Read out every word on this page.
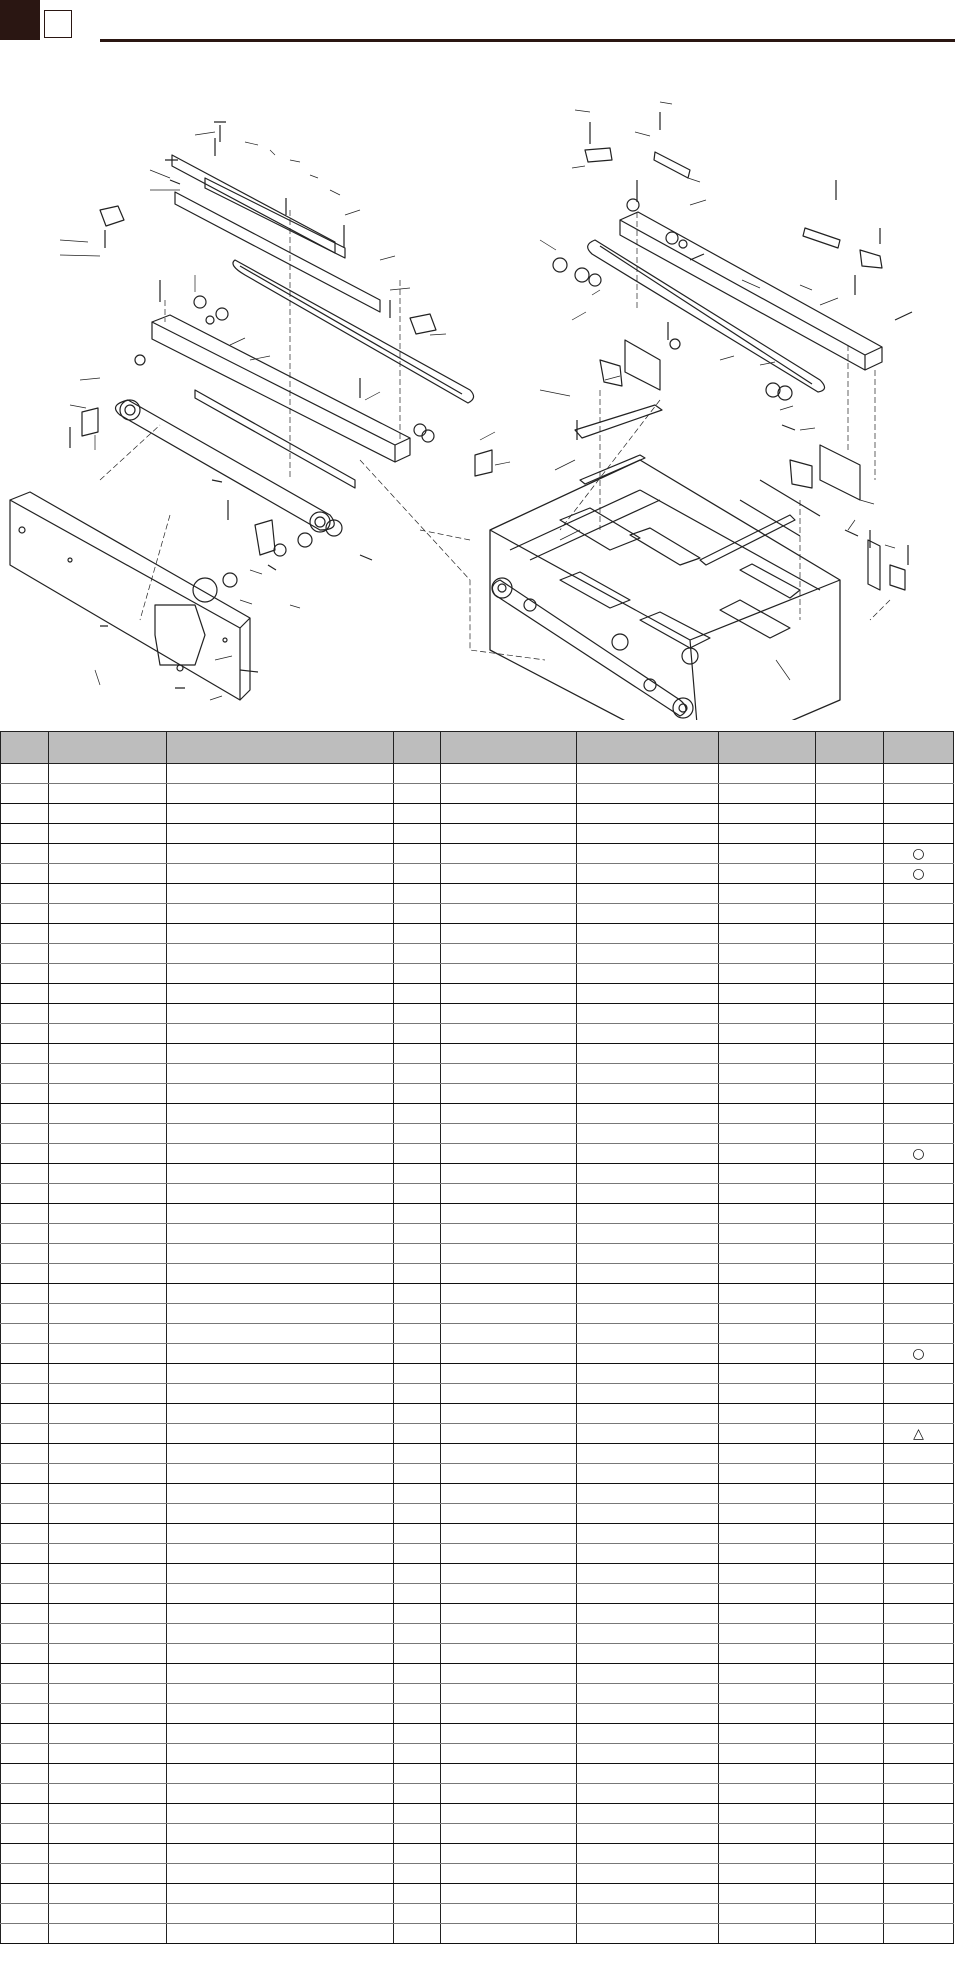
								○
								○

								○

								○

								△
